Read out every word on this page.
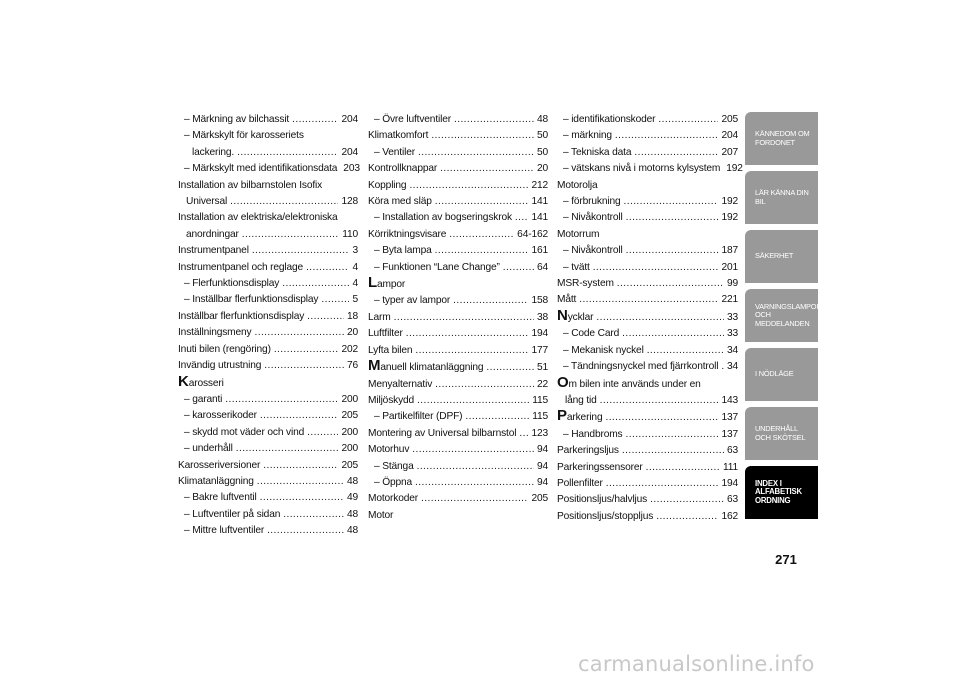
– Märkning av bilchassit .....	204
– Märkskylt för karosseriets
lackering. .....	204
– Märkskylt med identifikationsdata 203
Installation av bilbarnstolen Isofix
Universal .....	128
Installation av elektriska/elektroniska
anordningar .....	110
Instrumentpanel .....	3
Instrumentpanel och reglage .....	4
– Flerfunktionsdisplay .....	4
– Inställbar flerfunktionsdisplay .....	5
Inställbar flerfunktionsdisplay .....	18
Inställningsmeny .....	20
Inuti bilen (rengöring) .....	202
Invändig utrustning .....	76
Karosseri
– garanti .....	200
– karosserikoder .....	205
– skydd mot väder och vind .....	200
– underhåll .....	200
Karosseriversioner .....	205
Klimatanläggning .....	48
– Bakre luftventil .....	49
– Luftventiler på sidan .....	48
– Mittre luftventiler .....	48
– Övre luftventiler .....	48
Klimatkomfort .....	50
– Ventiler .....	50
Kontrollknappar .....	20
Koppling .....	212
Köra med släp .....	141
– Installation av bogseringskrok ..... 141
Körriktningsvisare .....	64-162
– Byta lampa .....	161
– Funktionen “Lane Change” .....	64
Lampor
– typer av lampor .....	158
Larm .....	38
Luftfilter .....	194
Lyfta bilen .....	177
Manuell klimatanläggning .....	51
Menyalternativ .....	22
Miljöskydd .....	115
– Partikelfilter (DPF) .....	115
Montering av Universal bilbarnstol ..... 123
Motorhuv .....	94
– Stänga .....	94
– Öppna .....	94
Motorkoder .....	205
Motor
– identifikationskoder .....	205
– märkning .....	204
– Tekniska data .....	207
– vätskans nivå i motorns kylsystem 192
Motorolja
– förbrukning .....	192
– Nivåkontroll .....	192
Motorrum
– Nivåkontroll .....	187
– tvätt .....	201
MSR-system .....	99
Mått .....	221
Nycklar .....	33
– Code Card .....	33
– Mekanisk nyckel .....	34
– Tändningsnyckel med fjärrkontroll ..... 34
Om bilen inte används under en
lång tid .....	143
Parkering .....	137
– Handbroms .....	137
Parkeringsljus .....	63
Parkeringssensorer .....	111
Pollenfilter .....	194
Positionsljus/halvljus .....	63
Positionsljus/stoppljus .....	162
KÄNNEDOM OM FORDONET
LÄR KÄNNA DIN BIL
SÄKERHET
VARNINGSLAMPOR OCH MEDDELANDEN
I NÖDLÄGE
UNDERHÅLL OCH SKÖTSEL
INDEX I ALFABETISK ORDNING
271
carmanualsonline.info
